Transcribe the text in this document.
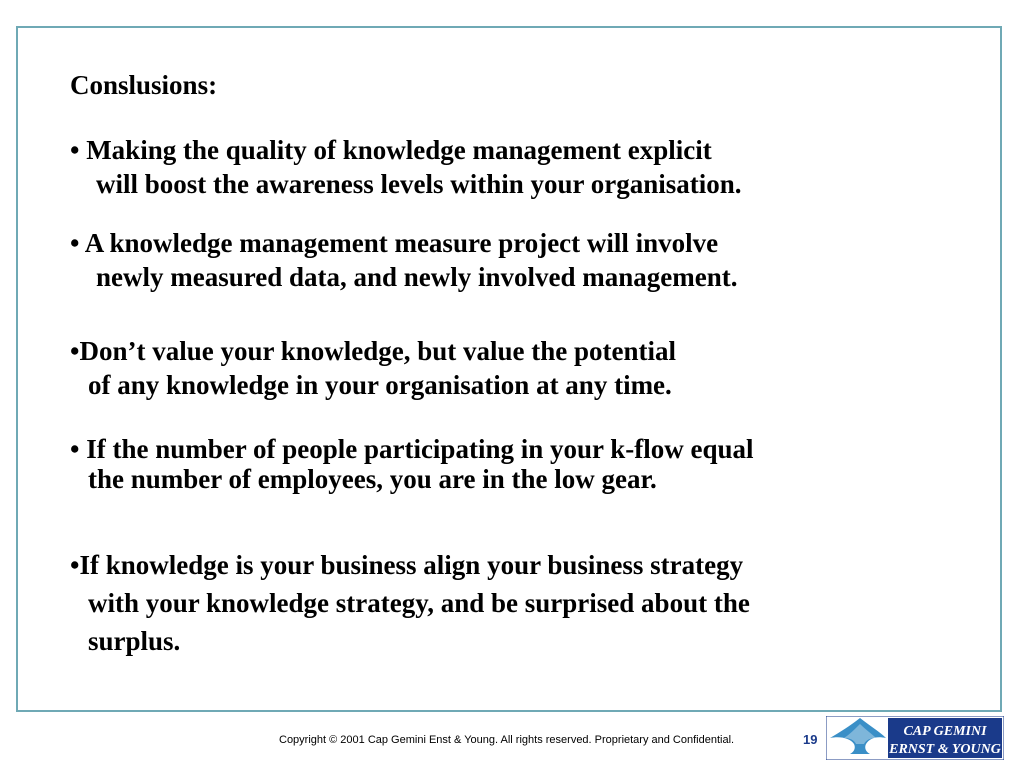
Conslusions:
• Making the quality of knowledge management explicit
will boost the awareness levels within your organisation.
• A knowledge management measure project will involve
newly measured data, and newly involved management.
•Don’t value your knowledge, but value the potential
of any knowledge in your organisation at any time.
• If the number of people participating in your k-flow equal
the number of employees, you are in the low gear.
•If knowledge is your business align your business strategy
with your knowledge strategy, and be surprised about the
surplus.
Copyright © 2001 Cap Gemini Enst & Young. All rights reserved. Proprietary and Confidential.	19
CAP GEMINI
ERNST & YOUNG
